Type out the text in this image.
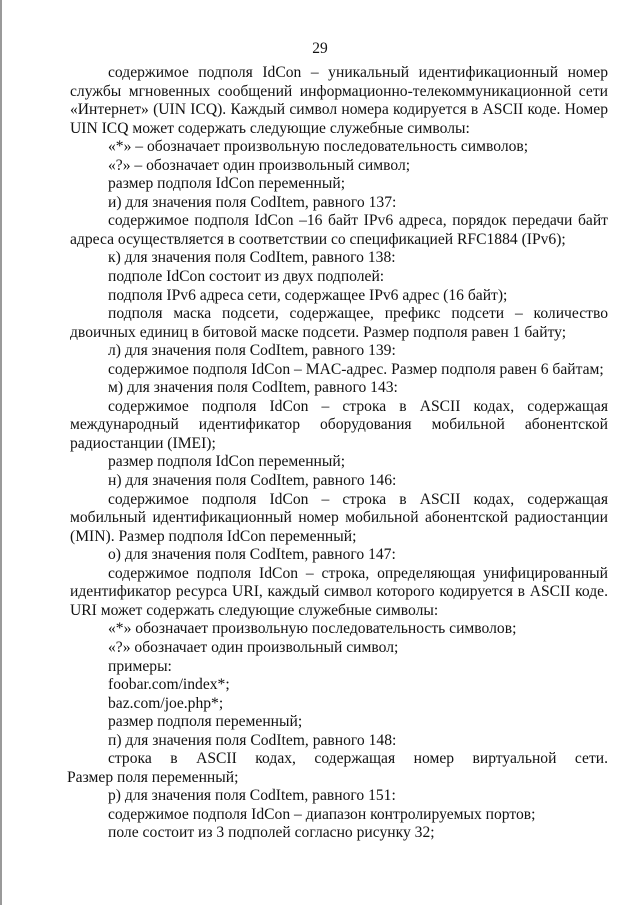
29

содержимое подполя IdCon – уникальный идентификационный номер службы мгновенных сообщений информационно-телекоммуникационной сети «Интернет» (UIN ICQ). Каждый символ номера кодируется в ASCII коде. Номер UIN ICQ может содержать следующие служебные символы:

«*» – обозначает произвольную последовательность символов;

«?» – обозначает один произвольный символ;

размер подполя IdCon переменный;

и) для значения поля CodItem, равного 137:

содержимое подполя IdCon –16 байт IPv6 адреса, порядок передачи байт адреса осуществляется в соответствии со спецификацией RFC1884 (IPv6);

к) для значения поля CodItem, равного 138:

подполе IdCon состоит из двух подполей:

подполя IPv6 адреса сети, содержащее IPv6 адрес (16 байт);

подполя маска подсети, содержащее, префикс подсети – количество двоичных единиц в битовой маске подсети. Размер подполя равен 1 байту;

л) для значения поля CodItem, равного 139:

содержимое подполя IdCon – MAC-адрес. Размер подполя равен 6 байтам;

м) для значения поля CodItem, равного 143:

содержимое подполя IdCon – строка в ASCII кодах, содержащая международный идентификатор оборудования мобильной абонентской радиостанции (IMEI);

размер подполя IdCon переменный;

н) для значения поля CodItem, равного 146:

содержимое подполя IdCon – строка в ASCII кодах, содержащая мобильный идентификационный номер мобильной абонентской радиостанции (MIN). Размер подполя IdCon переменный;

о) для значения поля CodItem, равного 147:

содержимое подполя IdCon – строка, определяющая унифицированный идентификатор ресурса URI, каждый символ которого кодируется в ASCII коде. URI может содержать следующие служебные символы:

«*» обозначает произвольную последовательность символов;

«?» обозначает один произвольный символ;

примеры:

foobar.com/index*;

baz.com/joe.php*;

размер подполя переменный;

п) для значения поля CodItem, равного 148:

строка в ASCII кодах, содержащая номер виртуальной сети.

Размер поля переменный;

р) для значения поля CodItem, равного 151:

содержимое подполя IdCon – диапазон контролируемых портов;

поле состоит из 3 подполей согласно рисунку 32;
